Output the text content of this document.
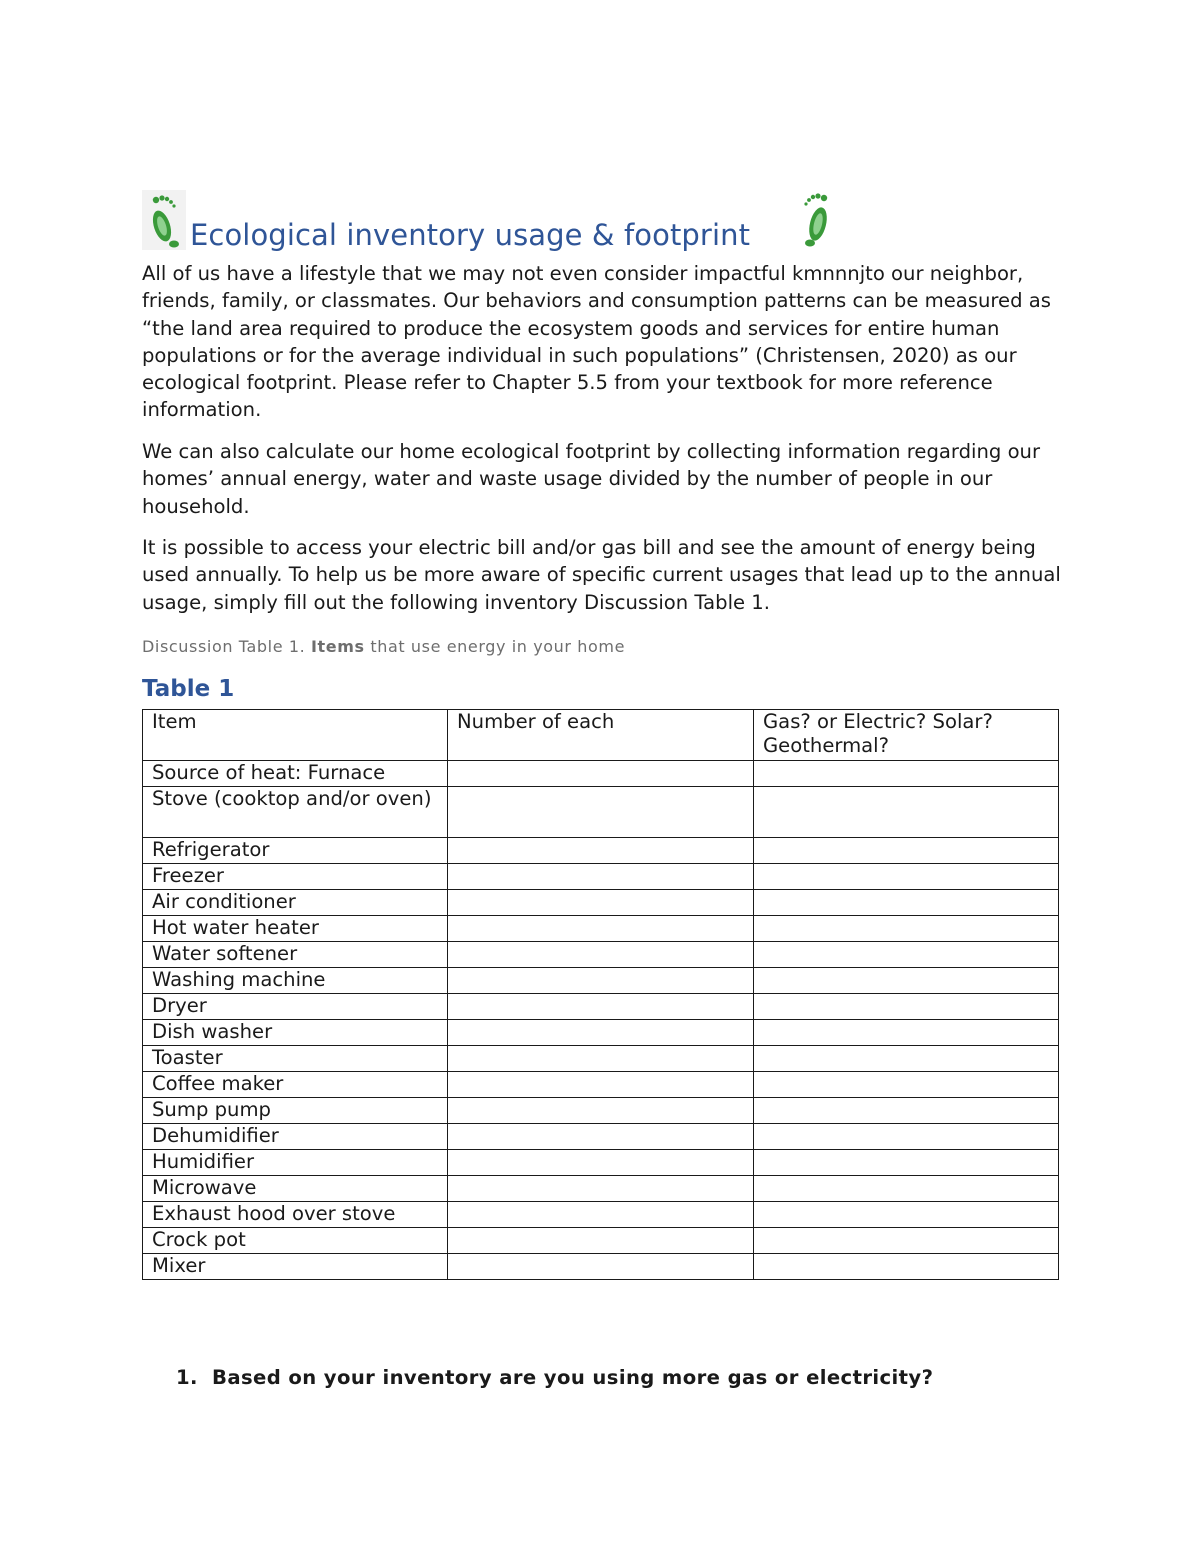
Ecological inventory usage & footprint

All of us have a lifestyle that we may not even consider impactful kmnnnjto our neighbor, friends, family, or classmates. Our behaviors and consumption patterns can be measured as “the land area required to produce the ecosystem goods and services for entire human populations or for the average individual in such populations” (Christensen, 2020) as our ecological footprint. Please refer to Chapter 5.5 from your textbook for more reference information.

We can also calculate our home ecological footprint by collecting information regarding our homes’ annual energy, water and waste usage divided by the number of people in our household.

It is possible to access your electric bill and/or gas bill and see the amount of energy being used annually. To help us be more aware of specific current usages that lead up to the annual usage, simply fill out the following inventory Discussion Table 1.

Discussion Table 1. Items that use energy in your home

Table 1
Item	Number of each	Gas? or Electric? Solar? Geothermal?
Source of heat: Furnace		
Stove (cooktop and/or oven)		
Refrigerator		
Freezer		
Air conditioner		
Hot water heater		
Water softener		
Washing machine		
Dryer		
Dish washer		
Toaster		
Coffee maker		
Sump pump		
Dehumidifier		
Humidifier		
Microwave		
Exhaust hood over stove		
Crock pot		
Mixer		

1. Based on your inventory are you using more gas or electricity?
